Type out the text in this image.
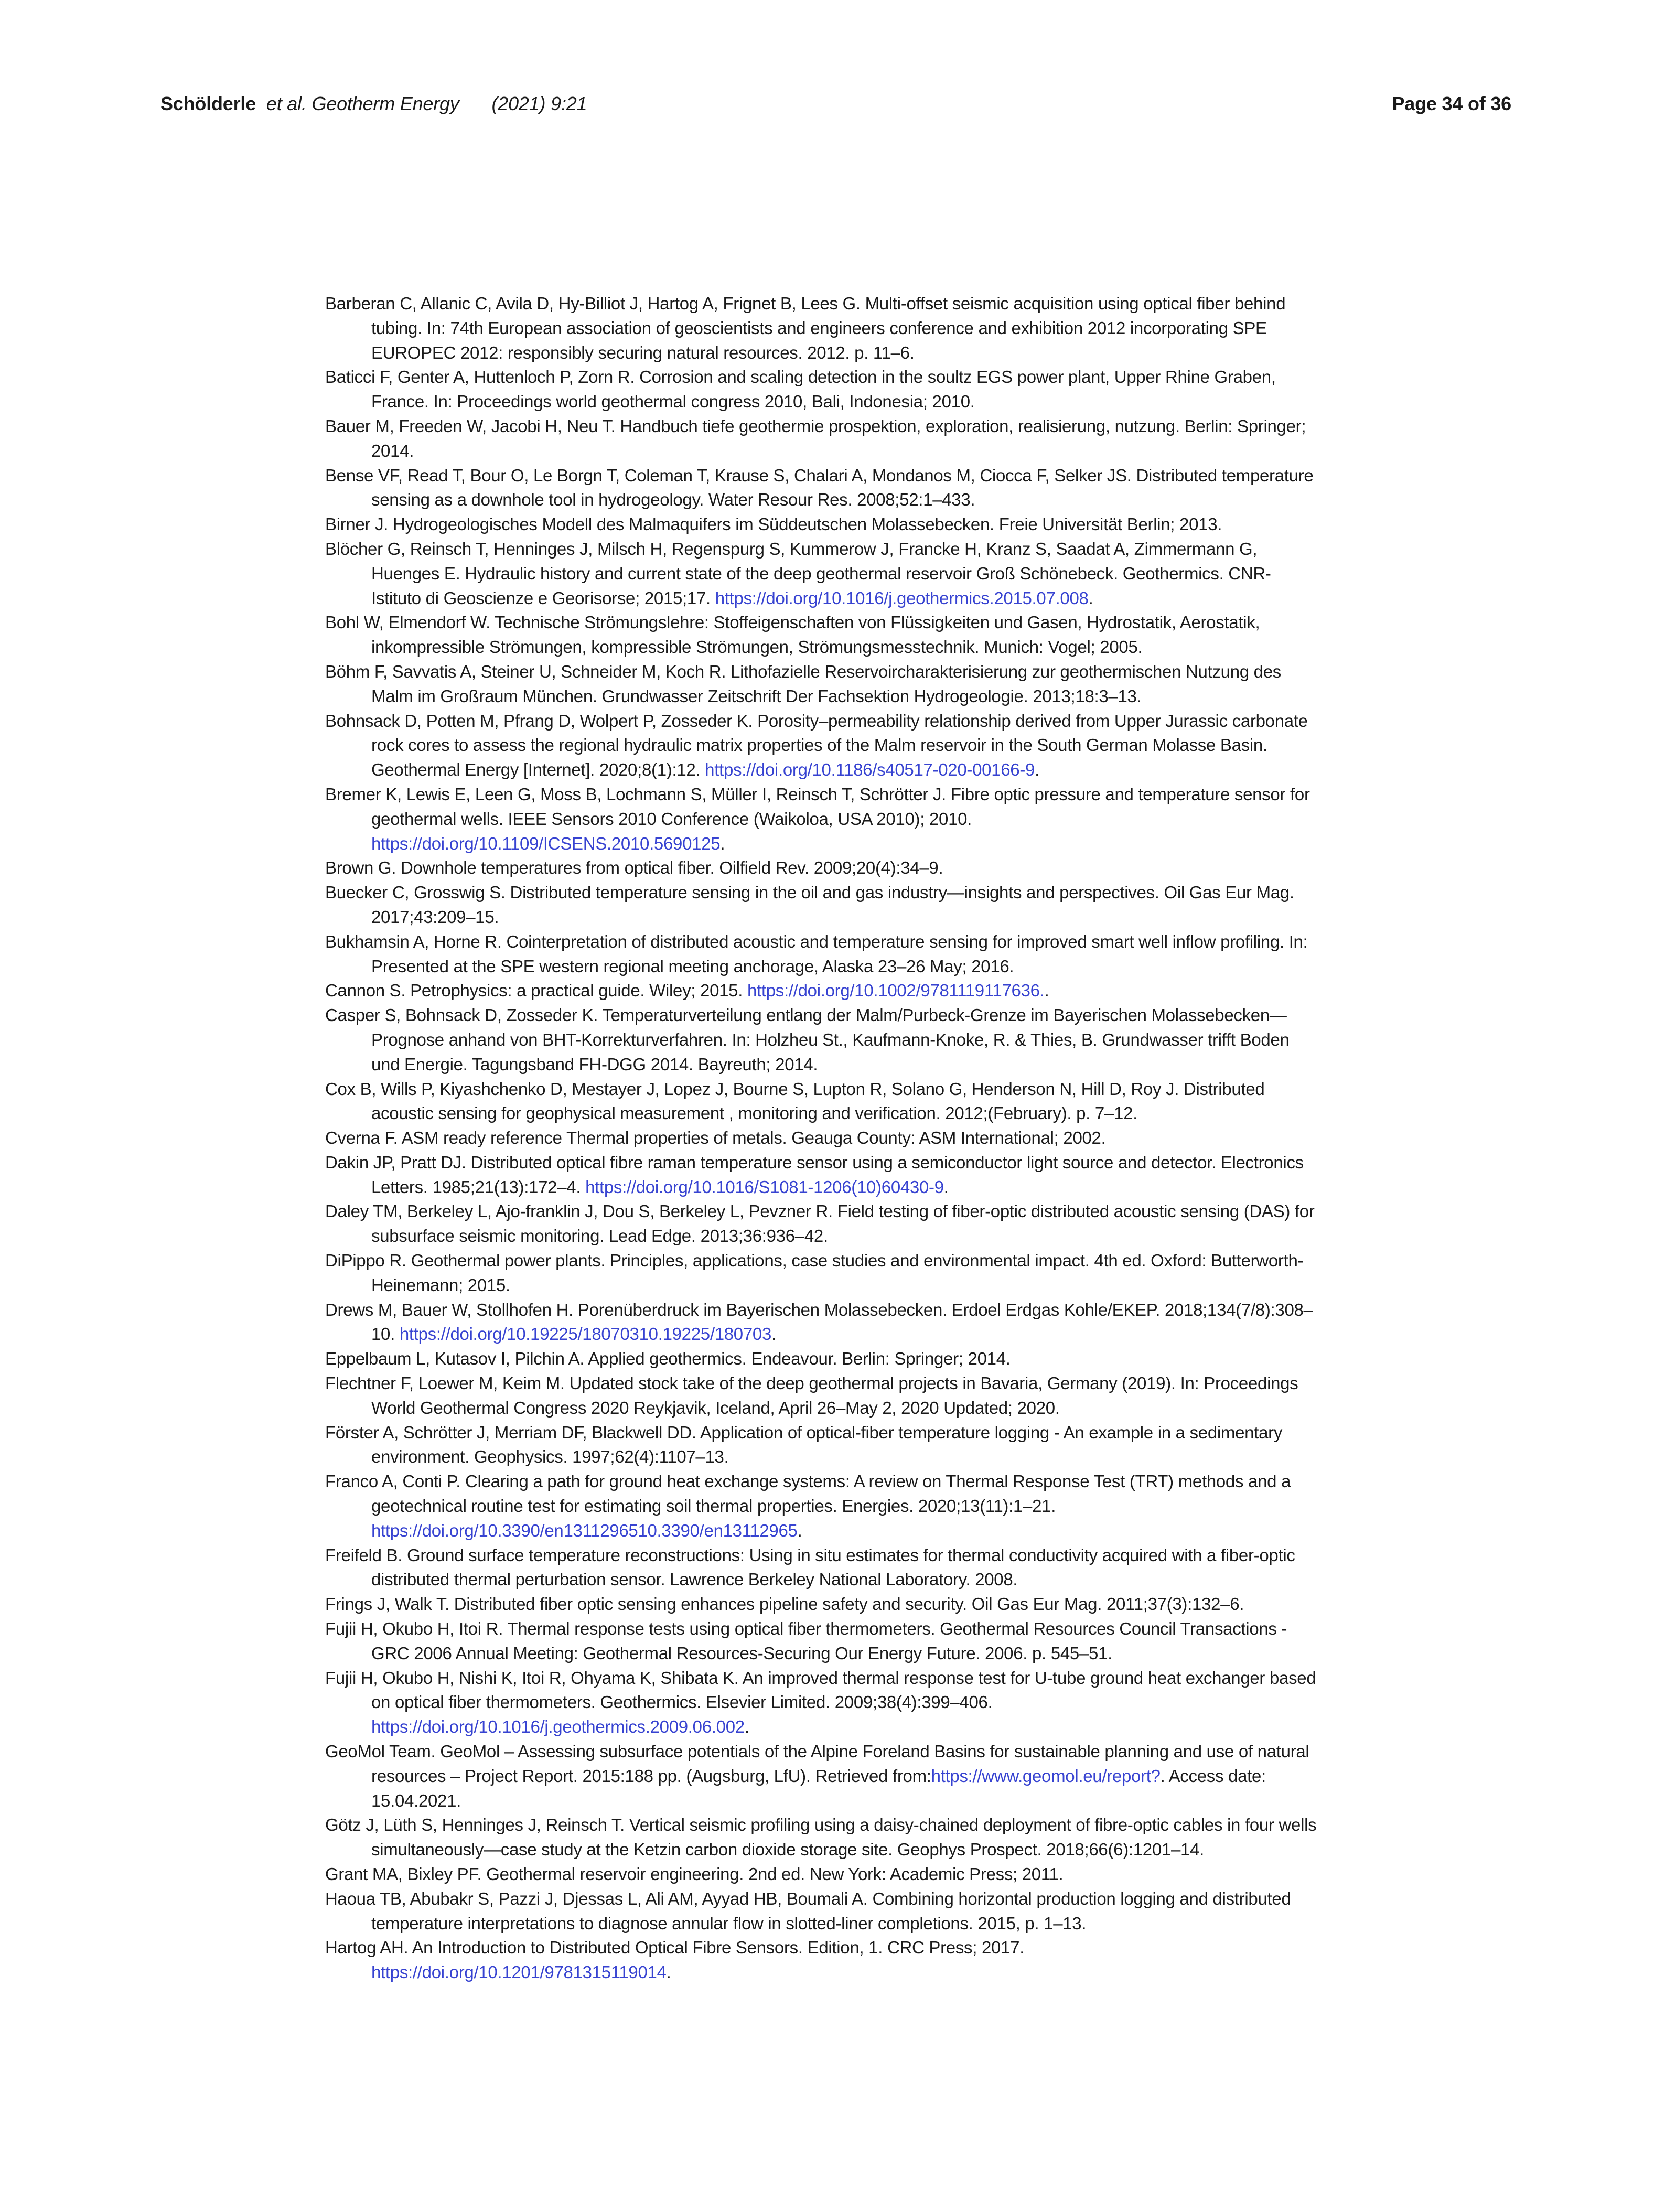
Schölderle et al. Geotherm Energy (2021) 9:21	Page 34 of 36

Barberan C, Allanic C, Avila D, Hy-Billiot J, Hartog A, Frignet B, Lees G. Multi-offset seismic acquisition using optical fiber behind tubing. In: 74th European association of geoscientists and engineers conference and exhibition 2012 incorporating SPE EUROPEC 2012: responsibly securing natural resources. 2012. p. 11–6.

Baticci F, Genter A, Huttenloch P, Zorn R. Corrosion and scaling detection in the soultz EGS power plant, Upper Rhine Graben, France. In: Proceedings world geothermal congress 2010, Bali, Indonesia; 2010.

Bauer M, Freeden W, Jacobi H, Neu T. Handbuch tiefe geothermie prospektion, exploration, realisierung, nutzung. Berlin: Springer; 2014.

Bense VF, Read T, Bour O, Le Borgn T, Coleman T, Krause S, Chalari A, Mondanos M, Ciocca F, Selker JS. Distributed temperature sensing as a downhole tool in hydrogeology. Water Resour Res. 2008;52:1–433.

Birner J. Hydrogeologisches Modell des Malmaquifers im Süddeutschen Molassebecken. Freie Universität Berlin; 2013.

Blöcher G, Reinsch T, Henninges J, Milsch H, Regenspurg S, Kummerow J, Francke H, Kranz S, Saadat A, Zimmermann G, Huenges E. Hydraulic history and current state of the deep geothermal reservoir Groß Schönebeck. Geothermics. CNR-Istituto di Geoscienze e Georisorse; 2015;17. https://doi.org/10.1016/j.geothermics.2015.07.008.

Bohl W, Elmendorf W. Technische Strömungslehre: Stoffeigenschaften von Flüssigkeiten und Gasen, Hydrostatik, Aerostatik, inkompressible Strömungen, kompressible Strömungen, Strömungsmesstechnik. Munich: Vogel; 2005.

Böhm F, Savvatis A, Steiner U, Schneider M, Koch R. Lithofazielle Reservoircharakterisierung zur geothermischen Nutzung des Malm im Großraum München. Grundwasser Zeitschrift Der Fachsektion Hydrogeologie. 2013;18:3–13.

Bohnsack D, Potten M, Pfrang D, Wolpert P, Zosseder K. Porosity–permeability relationship derived from Upper Jurassic carbonate rock cores to assess the regional hydraulic matrix properties of the Malm reservoir in the South German Molasse Basin. Geothermal Energy [Internet]. 2020;8(1):12. https://doi.org/10.1186/s40517-020-00166-9.

Bremer K, Lewis E, Leen G, Moss B, Lochmann S, Müller I, Reinsch T, Schrötter J. Fibre optic pressure and temperature sensor for geothermal wells. IEEE Sensors 2010 Conference (Waikoloa, USA 2010); 2010. https://doi.org/10.1109/ICSENS.2010.5690125.

Brown G. Downhole temperatures from optical fiber. Oilfield Rev. 2009;20(4):34–9.

Buecker C, Grosswig S. Distributed temperature sensing in the oil and gas industry—insights and perspectives. Oil Gas Eur Mag. 2017;43:209–15.

Bukhamsin A, Horne R. Cointerpretation of distributed acoustic and temperature sensing for improved smart well inflow profiling. In: Presented at the SPE western regional meeting anchorage, Alaska 23–26 May; 2016.

Cannon S. Petrophysics: a practical guide. Wiley; 2015. https://doi.org/10.1002/9781119117636..

Casper S, Bohnsack D, Zosseder K. Temperaturverteilung entlang der Malm/Purbeck-Grenze im Bayerischen Molassebecken—Prognose anhand von BHT-Korrekturverfahren. In: Holzheu St., Kaufmann-Knoke, R. & Thies, B. Grundwasser trifft Boden und Energie. Tagungsband FH-DGG 2014. Bayreuth; 2014.

Cox B, Wills P, Kiyashchenko D, Mestayer J, Lopez J, Bourne S, Lupton R, Solano G, Henderson N, Hill D, Roy J. Distributed acoustic sensing for geophysical measurement , monitoring and verification. 2012;(February). p. 7–12.

Cverna F. ASM ready reference Thermal properties of metals. Geauga County: ASM International; 2002.

Dakin JP, Pratt DJ. Distributed optical fibre raman temperature sensor using a semiconductor light source and detector. Electronics Letters. 1985;21(13):172–4. https://doi.org/10.1016/S1081-1206(10)60430-9.

Daley TM, Berkeley L, Ajo-franklin J, Dou S, Berkeley L, Pevzner R. Field testing of fiber-optic distributed acoustic sensing (DAS) for subsurface seismic monitoring. Lead Edge. 2013;36:936–42.

DiPippo R. Geothermal power plants. Principles, applications, case studies and environmental impact. 4th ed. Oxford: Butterworth-Heinemann; 2015.

Drews M, Bauer W, Stollhofen H. Porenüberdruck im Bayerischen Molassebecken. Erdoel Erdgas Kohle/EKEP. 2018;134(7/8):308–10. https://doi.org/10.19225/18070310.19225/180703.

Eppelbaum L, Kutasov I, Pilchin A. Applied geothermics. Endeavour. Berlin: Springer; 2014.

Flechtner F, Loewer M, Keim M. Updated stock take of the deep geothermal projects in Bavaria, Germany (2019). In: Proceedings World Geothermal Congress 2020 Reykjavik, Iceland, April 26–May 2, 2020 Updated; 2020.

Förster A, Schrötter J, Merriam DF, Blackwell DD. Application of optical-fiber temperature logging - An example in a sedimentary environment. Geophysics. 1997;62(4):1107–13.

Franco A, Conti P. Clearing a path for ground heat exchange systems: A review on Thermal Response Test (TRT) methods and a geotechnical routine test for estimating soil thermal properties. Energies. 2020;13(11):1–21. https://doi.org/10.3390/en1311296510.3390/en13112965.

Freifeld B. Ground surface temperature reconstructions: Using in situ estimates for thermal conductivity acquired with a fiber-optic distributed thermal perturbation sensor. Lawrence Berkeley National Laboratory. 2008.

Frings J, Walk T. Distributed fiber optic sensing enhances pipeline safety and security. Oil Gas Eur Mag. 2011;37(3):132–6.

Fujii H, Okubo H, Itoi R. Thermal response tests using optical fiber thermometers. Geothermal Resources Council Transactions - GRC 2006 Annual Meeting: Geothermal Resources-Securing Our Energy Future. 2006. p. 545–51.

Fujii H, Okubo H, Nishi K, Itoi R, Ohyama K, Shibata K. An improved thermal response test for U-tube ground heat exchanger based on optical fiber thermometers. Geothermics. Elsevier Limited. 2009;38(4):399–406. https://doi.org/10.1016/j.geothermics.2009.06.002.

GeoMol Team. GeoMol – Assessing subsurface potentials of the Alpine Foreland Basins for sustainable planning and use of natural resources – Project Report. 2015:188 pp. (Augsburg, LfU). Retrieved from:https://www.geomol.eu/report?. Access date: 15.04.2021.

Götz J, Lüth S, Henninges J, Reinsch T. Vertical seismic profiling using a daisy-chained deployment of fibre-optic cables in four wells simultaneously—case study at the Ketzin carbon dioxide storage site. Geophys Prospect. 2018;66(6):1201–14.

Grant MA, Bixley PF. Geothermal reservoir engineering. 2nd ed. New York: Academic Press; 2011.

Haoua TB, Abubakr S, Pazzi J, Djessas L, Ali AM, Ayyad HB, Boumali A. Combining horizontal production logging and distributed temperature interpretations to diagnose annular flow in slotted-liner completions. 2015, p. 1–13.

Hartog AH. An Introduction to Distributed Optical Fibre Sensors. Edition, 1. CRC Press; 2017. https://doi.org/10.1201/9781315119014.
